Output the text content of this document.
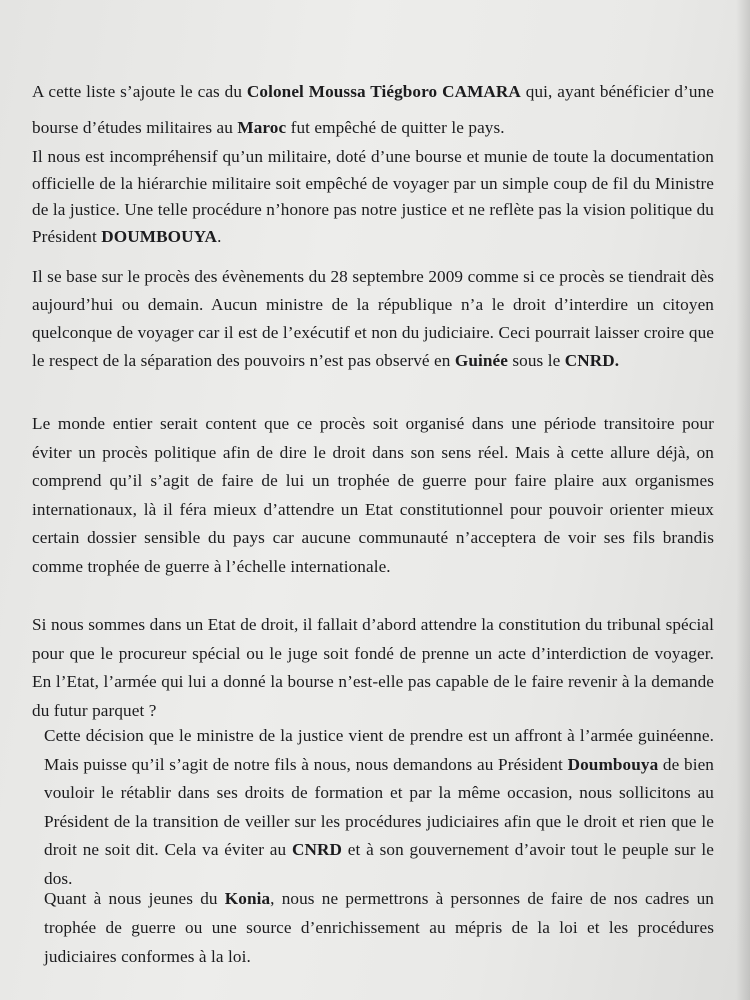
A cette liste s’ajoute le cas du Colonel Moussa Tiégboro CAMARA qui, ayant bénéficier d’une bourse d’études militaires au Maroc fut empêché de quitter le pays.

Il nous est incompréhensif qu’un militaire, doté d’une bourse et munie de toute la documentation officielle de la hiérarchie militaire soit empêché de voyager par un simple coup de fil du Ministre de la justice. Une telle procédure n’honore pas notre justice et ne reflète pas la vision politique du Président DOUMBOUYA.

Il se base sur le procès des évènements du 28 septembre 2009 comme si ce procès se tiendrait dès aujourd’hui ou demain. Aucun ministre de la république n’a le droit d’interdire un citoyen quelconque de voyager car il est de l’exécutif et non du judiciaire. Ceci pourrait laisser croire que le respect de la séparation des pouvoirs n’est pas observé en Guinée sous le CNRD.

Le monde entier serait content que ce procès soit organisé dans une période transitoire pour éviter un procès politique afin de dire le droit dans son sens réel. Mais à cette allure déjà, on comprend qu’il s’agit de faire de lui un trophée de guerre pour faire plaire aux organismes internationaux, là il féra mieux d’attendre un Etat constitutionnel pour pouvoir orienter mieux certain dossier sensible du pays car aucune communauté n’acceptera de voir ses fils brandis comme trophée de guerre à l’échelle internationale.

Si nous sommes dans un Etat de droit, il fallait d’abord attendre la constitution du tribunal spécial pour que le procureur spécial ou le juge soit fondé de prenne un acte d’interdiction de voyager. En l’Etat, l’armée qui lui a donné la bourse n’est-elle pas capable de le faire revenir à la demande du futur parquet ?

Cette décision que le ministre de la justice vient de prendre est un affront à l’armée guinéenne. Mais puisse qu’il s’agit de notre fils à nous, nous demandons au Président Doumbouya de bien vouloir le rétablir dans ses droits de formation et par la même occasion, nous sollicitons au Président de la transition de veiller sur les procédures judiciaires afin que le droit et rien que le droit ne soit dit. Cela va éviter au CNRD et à son gouvernement d’avoir tout le peuple sur le dos.

Quant à nous jeunes du Konia, nous ne permettrons à personnes de faire de nos cadres un trophée de guerre ou une source d’enrichissement au mépris de la loi et les procédures judiciaires conformes à la loi.
